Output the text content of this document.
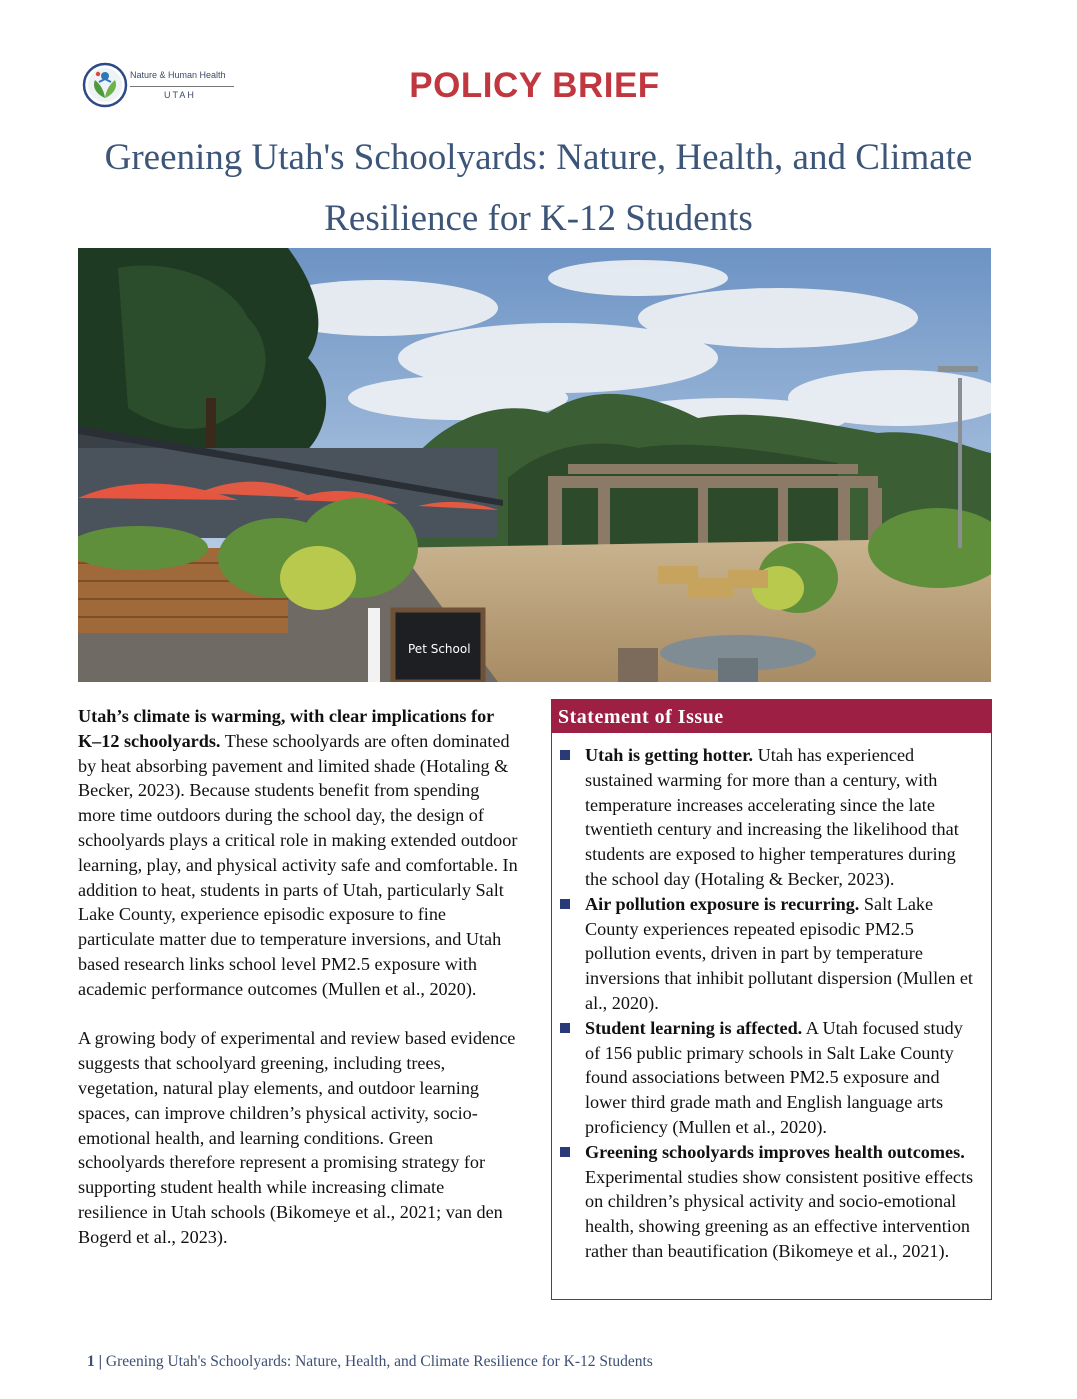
Nature & Human Health
UTAH	POLICY BRIEF
Greening Utah's Schoolyards: Nature, Health, and Climate Resilience for K-12 Students
Pet School

Utah’s climate is warming, with clear implications for K–12 schoolyards. These schoolyards are often dominated by heat absorbing pavement and limited shade (Hotaling & Becker, 2023). Because students benefit from spending more time outdoors during the school day, the design of schoolyards plays a critical role in making extended outdoor learning, play, and physical activity safe and comfortable. In addition to heat, students in parts of Utah, particularly Salt Lake County, experience episodic exposure to fine particulate matter due to temperature inversions, and Utah based research links school level PM2.5 exposure with academic performance outcomes (Mullen et al., 2020).

A growing body of experimental and review based evidence suggests that schoolyard greening, including trees, vegetation, natural play elements, and outdoor learning spaces, can improve children’s physical activity, socio-emotional health, and learning conditions. Green schoolyards therefore represent a promising strategy for supporting student health while increasing climate resilience in Utah schools (Bikomeye et al., 2021; van den Bogerd et al., 2023).

Statement of Issue
Utah is getting hotter. Utah has experienced sustained warming for more than a century, with temperature increases accelerating since the late twentieth century and increasing the likelihood that students are exposed to higher temperatures during the school day (Hotaling & Becker, 2023).
Air pollution exposure is recurring. Salt Lake County experiences repeated episodic PM2.5 pollution events, driven in part by temperature inversions that inhibit pollutant dispersion (Mullen et al., 2020).
Student learning is affected. A Utah focused study of 156 public primary schools in Salt Lake County found associations between PM2.5 exposure and lower third grade math and English language arts proficiency (Mullen et al., 2020).
Greening schoolyards improves health outcomes. Experimental studies show consistent positive effects on children’s physical activity and socio-emotional health, showing greening as an effective intervention rather than beautification (Bikomeye et al., 2021).
1 | Greening Utah's Schoolyards: Nature, Health, and Climate Resilience for K-12 Students
